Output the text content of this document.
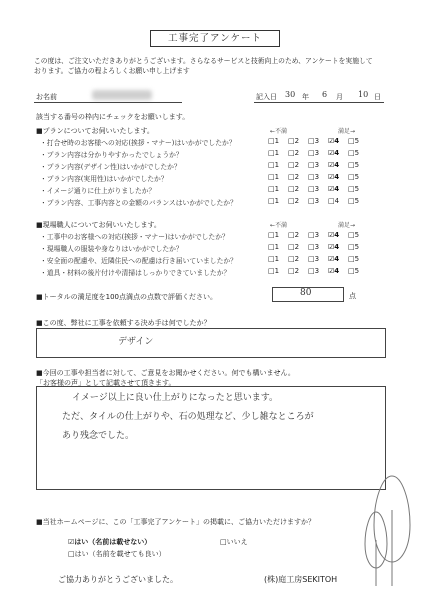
工事完了アンケート
この度は、ご注文いただきありがとうございます。さらなるサービスと技術向上のため、アンケートを実施して
おります。ご協力の程よろしくお願い申し上げます
お名前	記入日 30 年 6 月 10 日
該当する番号の枠内にチェックをお願いします。
■プランについてお伺いいたします。	←不満	満足→
・打合せ時のお客様への対応(挨拶・マナー)はいかがでしたか？	□1	□2	□3	☑4	□5
・プラン内容は分かりやすかったでしょうか？	□1	□2	□3	☑4	□5
・プラン内容(デザイン性)はいかがでしたか？	□1	□2	□3	☑4	□5
・プラン内容(実用性)はいかがでしたか？	□1	□2	□3	☑4	□5
・イメージ通りに仕上がりましたか？	□1	□2	□3	☑4	□5
・プラン内容、工事内容との金額のバランスはいかがでしたか？	□1	□2	□3	□4	□5
■現場職人についてお伺いいたします。	←不満	満足→
・工事中のお客様への対応(挨拶・マナー)はいかがでしたか？	□1	□2	□3	☑4	□5
・現場職人の服装や身なりはいかがでしたか？	□1	□2	□3	☑4	□5
・安全面の配慮や、近隣住民への配慮は行き届いていましたか？	□1	□2	□3	☑4	□5
・道具・材料の後片付けや清掃はしっかりできていましたか？	□1	□2	□3	☑4	□5
■トータルの満足度を100点満点の点数で評価ください。	80	点
■この度、弊社に工事を依頼する決め手は何でしたか？
デザイン
■今回の工事や担当者に対して、ご意見をお聞かせください。何でも構いません。
「お客様の声」として記載させて頂きます。
イメージ以上に良い仕上がりになったと思います。
ただ、タイルの仕上がりや、石の処理など、少し雑なところが
あり残念でした。
■当社ホームページに、この「工事完了アンケート」の掲載に、ご協力いただけますか？
☑はい（名前は載せない）
□はい（名前を載せても良い）
□いいえ
ご協力ありがとうございました。	(株)庭工房SEKITOH
